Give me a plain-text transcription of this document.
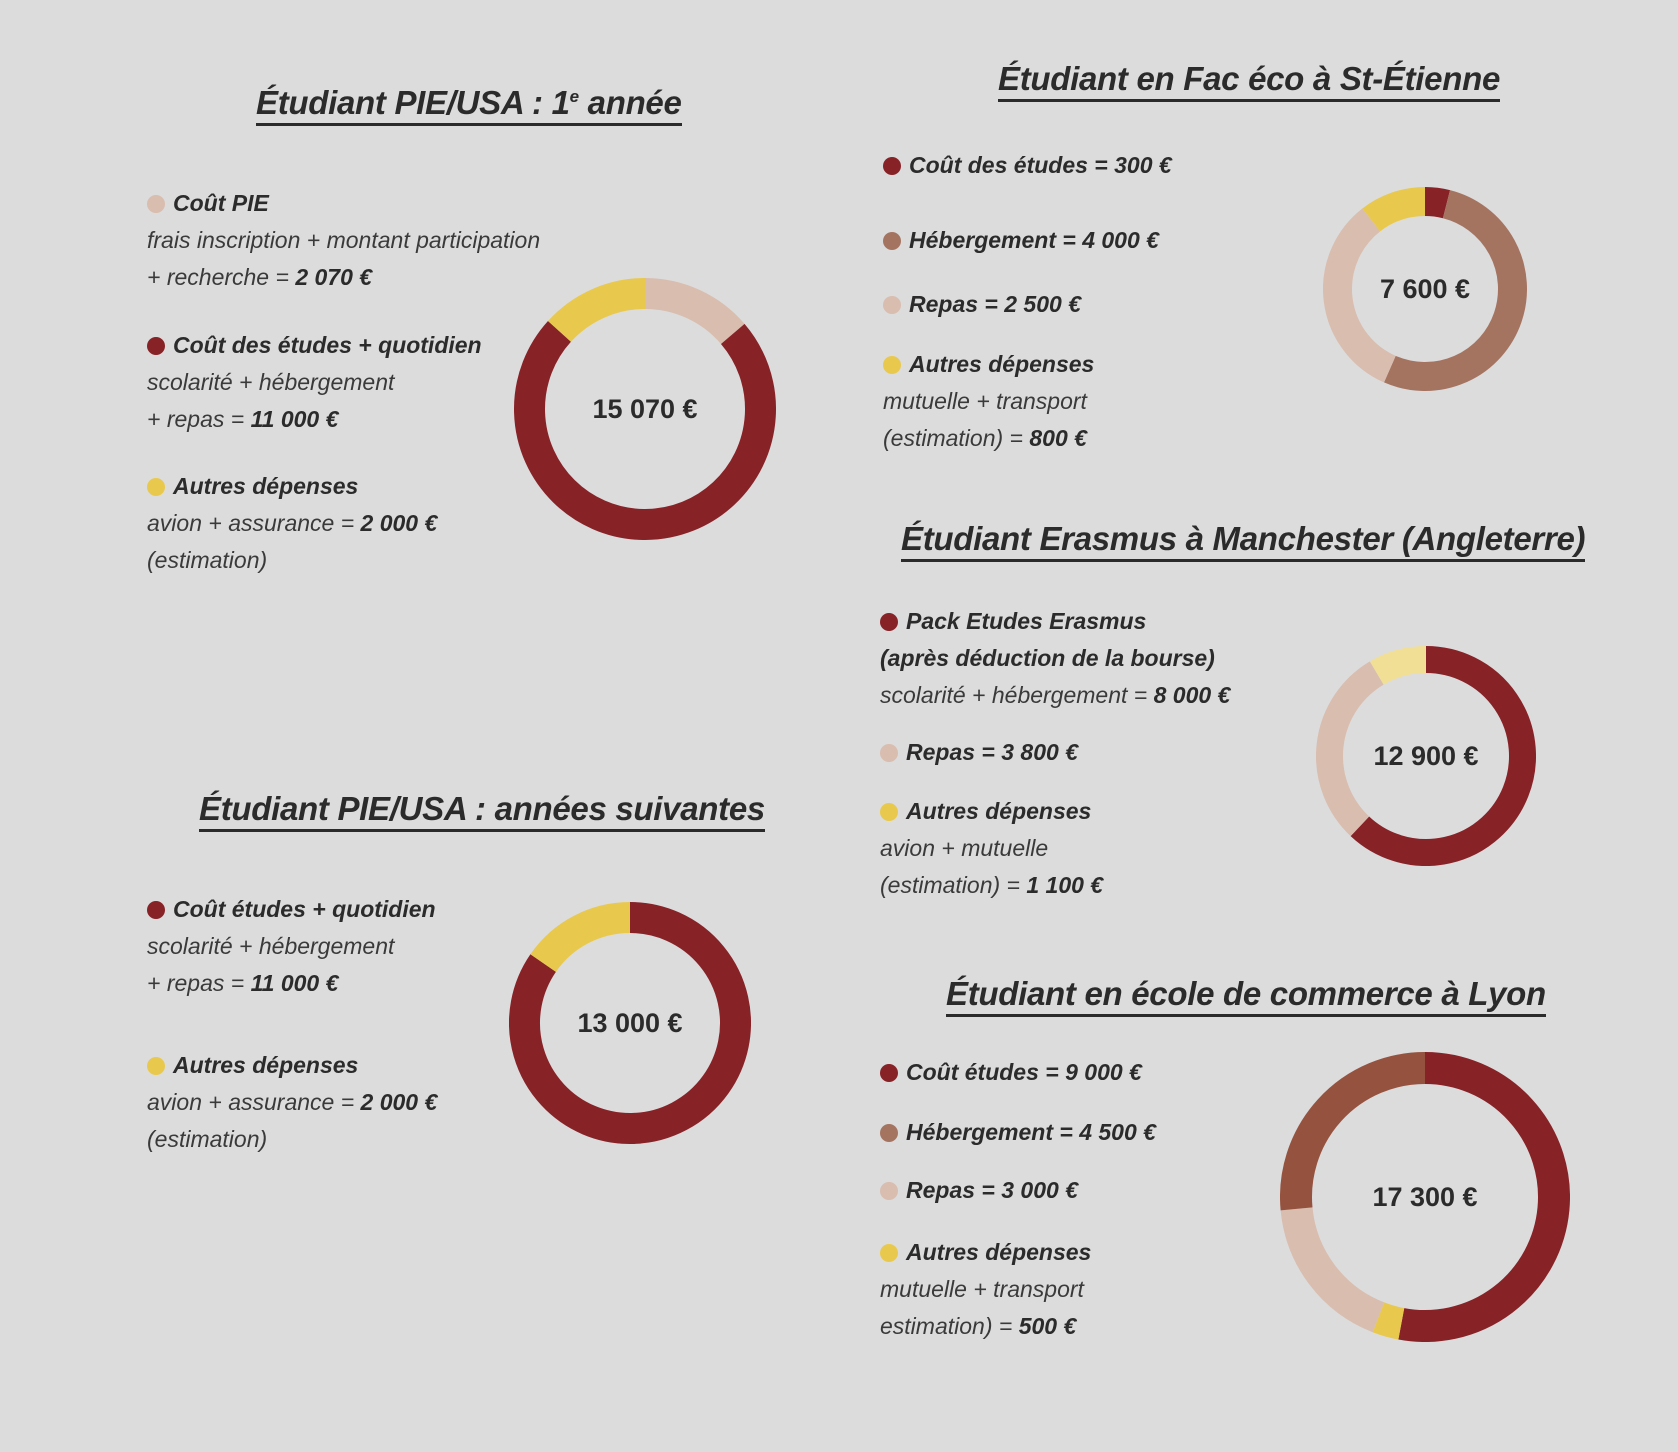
Étudiant PIE/USA : 1e année
Coût PIE
frais inscription + montant participation
+ recherche = 2 070 €
Coût des études + quotidien
scolarité + hébergement
+ repas = 11 000 €
Autres dépenses
avion + assurance = 2 000 €
(estimation)
15 070 €
Étudiant PIE/USA : années suivantes
Coût études + quotidien
scolarité + hébergement
+ repas = 11 000 €
Autres dépenses
avion + assurance = 2 000 €
(estimation)
13 000 €
Étudiant en Fac éco à St-Étienne
Coût des études = 300 €
Hébergement = 4 000 €
Repas = 2 500 €
Autres dépenses
mutuelle + transport
(estimation) = 800 €
7 600 €
Étudiant Erasmus à Manchester (Angleterre)
Pack Etudes Erasmus
(après déduction de la bourse)
scolarité + hébergement = 8 000 €
Repas = 3 800 €
Autres dépenses
avion + mutuelle
(estimation) = 1 100 €
12 900 €
Étudiant en école de commerce à Lyon
Coût études = 9 000 €
Hébergement = 4 500 €
Repas = 3 000 €
Autres dépenses
mutuelle + transport
estimation) = 500 €
17 300 €
